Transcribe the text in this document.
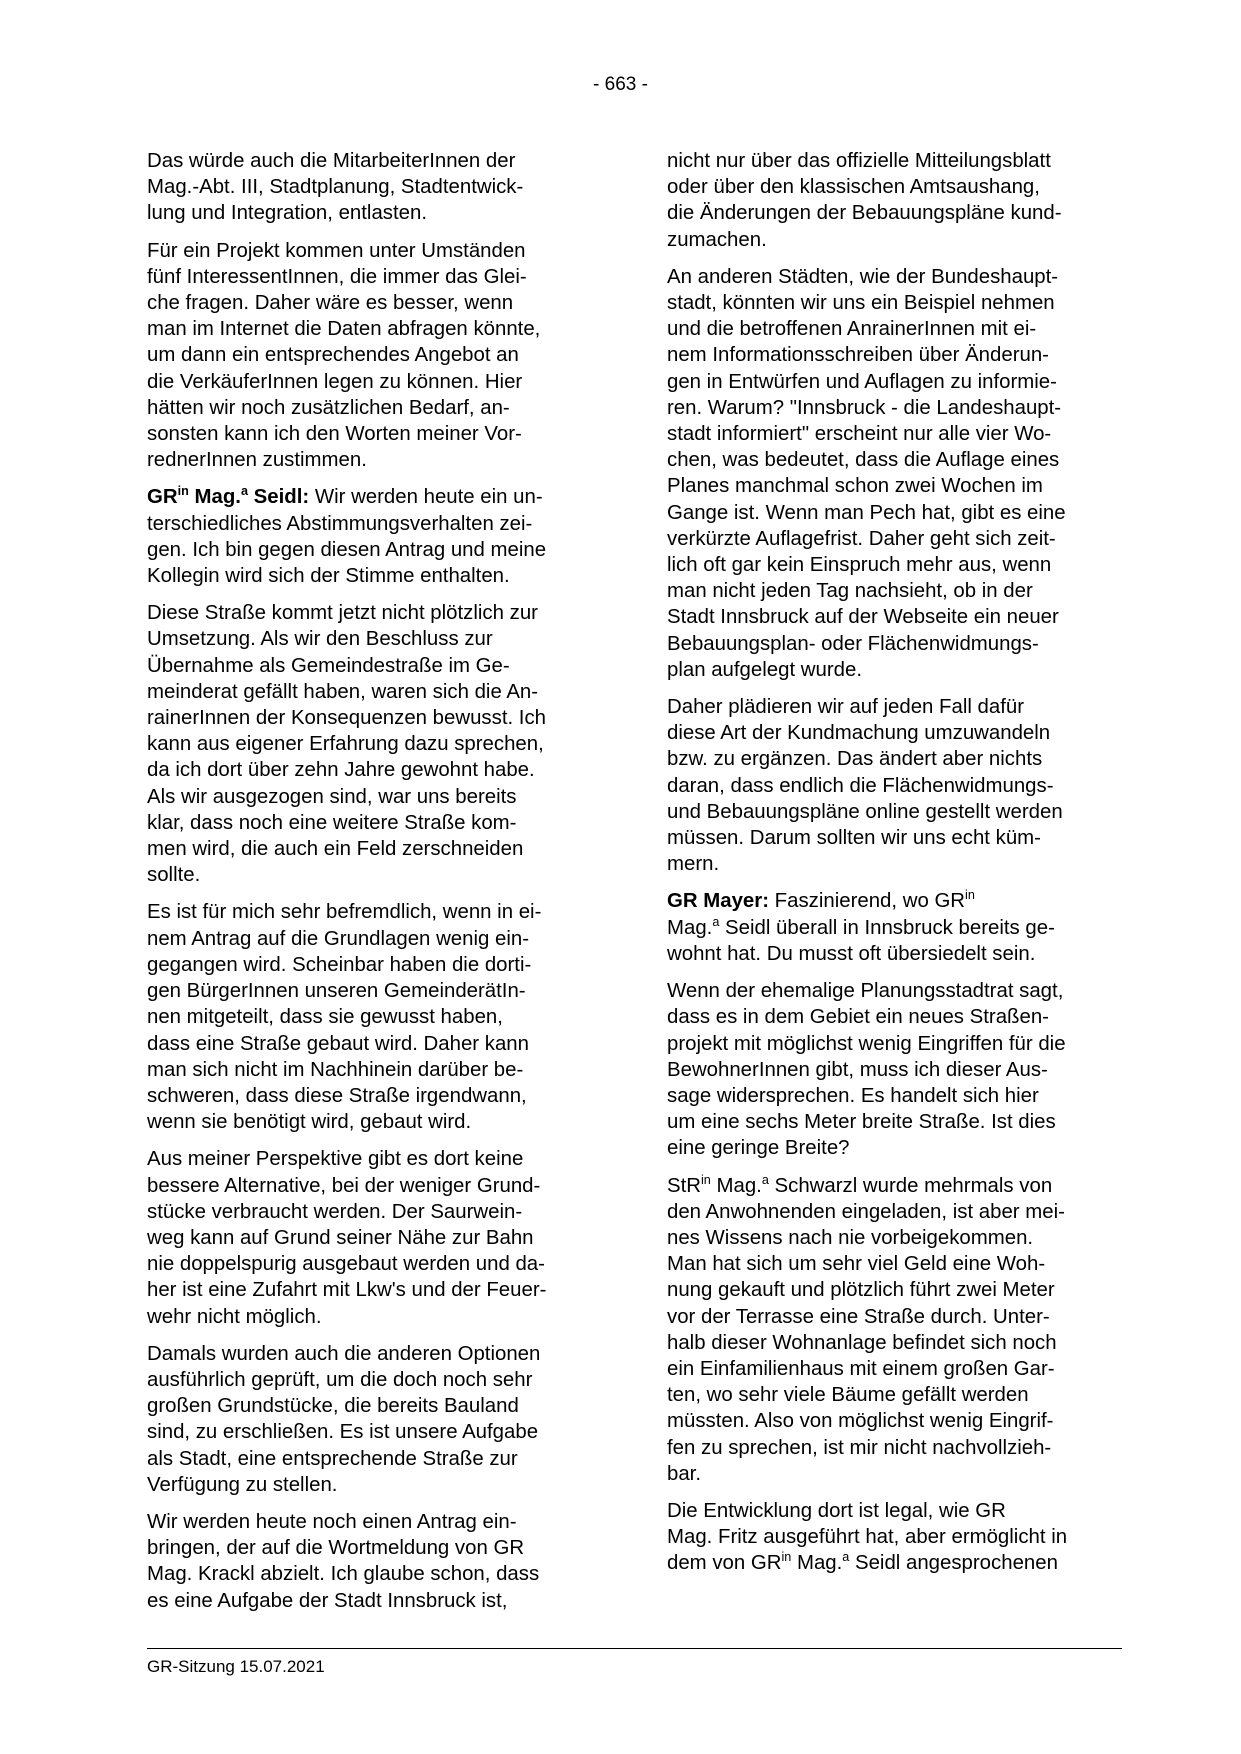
- 663 -

Das würde auch die MitarbeiterInnen der
Mag.-Abt. III, Stadtplanung, Stadtentwick-
lung und Integration, entlasten.

Für ein Projekt kommen unter Umständen
fünf InteressentInnen, die immer das Glei-
che fragen. Daher wäre es besser, wenn
man im Internet die Daten abfragen könnte,
um dann ein entsprechendes Angebot an
die VerkäuferInnen legen zu können. Hier
hätten wir noch zusätzlichen Bedarf, an-
sonsten kann ich den Worten meiner Vor-
rednerInnen zustimmen.

$GR^{in}$ Mag.$^a$ Seidl: Wir werden heute ein un-
terschiedliches Abstimmungsverhalten zei-
gen. Ich bin gegen diesen Antrag und meine
Kollegin wird sich der Stimme enthalten.

Diese Straße kommt jetzt nicht plötzlich zur
Umsetzung. Als wir den Beschluss zur
Übernahme als Gemeindestraße im Ge-
meinderat gefällt haben, waren sich die An-
rainerInnen der Konsequenzen bewusst. Ich
kann aus eigener Erfahrung dazu sprechen,
da ich dort über zehn Jahre gewohnt habe.
Als wir ausgezogen sind, war uns bereits
klar, dass noch eine weitere Straße kom-
men wird, die auch ein Feld zerschneiden
sollte.

Es ist für mich sehr befremdlich, wenn in ei-
nem Antrag auf die Grundlagen wenig ein-
gegangen wird. Scheinbar haben die dorti-
gen BürgerInnen unseren GemeinderätIn-
nen mitgeteilt, dass sie gewusst haben,
dass eine Straße gebaut wird. Daher kann
man sich nicht im Nachhinein darüber be-
schweren, dass diese Straße irgendwann,
wenn sie benötigt wird, gebaut wird.

Aus meiner Perspektive gibt es dort keine
bessere Alternative, bei der weniger Grund-
stücke verbraucht werden. Der Saurwein-
weg kann auf Grund seiner Nähe zur Bahn
nie doppelspurig ausgebaut werden und da-
her ist eine Zufahrt mit Lkw's und der Feuer-
wehr nicht möglich.

Damals wurden auch die anderen Optionen
ausführlich geprüft, um die doch noch sehr
großen Grundstücke, die bereits Bauland
sind, zu erschließen. Es ist unsere Aufgabe
als Stadt, eine entsprechende Straße zur
Verfügung zu stellen.

Wir werden heute noch einen Antrag ein-
bringen, der auf die Wortmeldung von GR
Mag. Krackl abzielt. Ich glaube schon, dass
es eine Aufgabe der Stadt Innsbruck ist,

nicht nur über das offizielle Mitteilungsblatt
oder über den klassischen Amtsaushang,
die Änderungen der Bebauungspläne kund-
zumachen.

An anderen Städten, wie der Bundeshaupt-
stadt, könnten wir uns ein Beispiel nehmen
und die betroffenen AnrainerInnen mit ei-
nem Informationsschreiben über Änderun-
gen in Entwürfen und Auflagen zu informie-
ren. Warum? "Innsbruck - die Landeshaupt-
stadt informiert" erscheint nur alle vier Wo-
chen, was bedeutet, dass die Auflage eines
Planes manchmal schon zwei Wochen im
Gange ist. Wenn man Pech hat, gibt es eine
verkürzte Auflagefrist. Daher geht sich zeit-
lich oft gar kein Einspruch mehr aus, wenn
man nicht jeden Tag nachsieht, ob in der
Stadt Innsbruck auf der Webseite ein neuer
Bebauungsplan- oder Flächenwidmungs-
plan aufgelegt wurde.

Daher plädieren wir auf jeden Fall dafür
diese Art der Kundmachung umzuwandeln
bzw. zu ergänzen. Das ändert aber nichts
daran, dass endlich die Flächenwidmungs-
und Bebauungspläne online gestellt werden
müssen. Darum sollten wir uns echt küm-
mern.

GR Mayer: Faszinierend, wo $GR^{in}$
Mag.$^a$ Seidl überall in Innsbruck bereits ge-
wohnt hat. Du musst oft übersiedelt sein.

Wenn der ehemalige Planungsstadtrat sagt,
dass es in dem Gebiet ein neues Straßen-
projekt mit möglichst wenig Eingriffen für die
BewohnerInnen gibt, muss ich dieser Aus-
sage widersprechen. Es handelt sich hier
um eine sechs Meter breite Straße. Ist dies
eine geringe Breite?

StR$^{in}$ Mag.$^a$ Schwarzl wurde mehrmals von
den Anwohnenden eingeladen, ist aber mei-
nes Wissens nach nie vorbeigekommen.
Man hat sich um sehr viel Geld eine Woh-
nung gekauft und plötzlich führt zwei Meter
vor der Terrasse eine Straße durch. Unter-
halb dieser Wohnanlage befindet sich noch
ein Einfamilienhaus mit einem großen Gar-
ten, wo sehr viele Bäume gefällt werden
müssten. Also von möglichst wenig Eingrif-
fen zu sprechen, ist mir nicht nachvollzieh-
bar.

Die Entwicklung dort ist legal, wie GR
Mag. Fritz ausgeführt hat, aber ermöglicht in
dem von $GR^{in}$ Mag.$^a$ Seidl angesprochenen

GR-Sitzung 15.07.2021
